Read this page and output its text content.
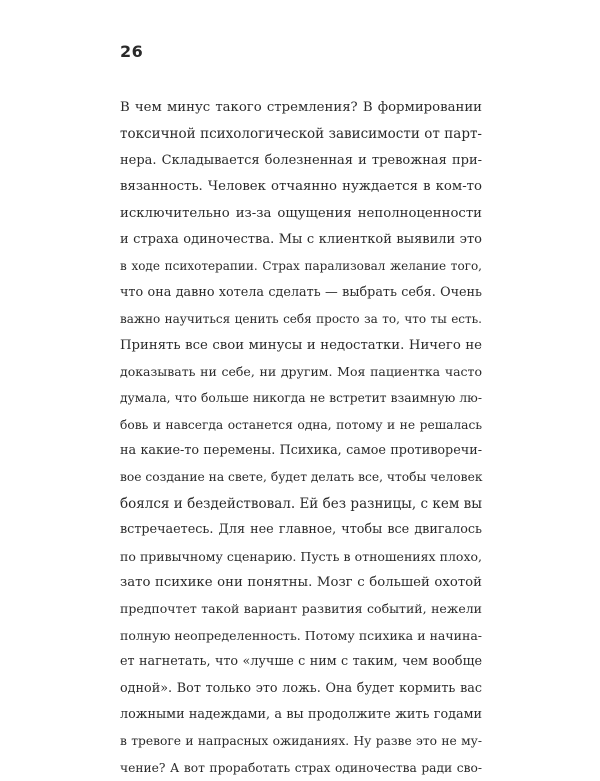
26
В чем минус такого стремления? В формировании
токсичной психологической зависимости от парт-
нера. Складывается болезненная и тревожная при-
вязанность. Человек отчаянно нуждается в ком-то
исключительно из-за ощущения неполноценности
и страха одиночества. Мы с клиенткой выявили это
в ходе психотерапии. Страх парализовал желание того,
что она давно хотела сделать — выбрать себя. Очень
важно научиться ценить себя просто за то, что ты есть.
Принять все свои минусы и недостатки. Ничего не
доказывать ни себе, ни другим. Моя пациентка часто
думала, что больше никогда не встретит взаимную лю-
бовь и навсегда останется одна, потому и не решалась
на какие-то перемены. Психика, самое противоречи-
вое создание на свете, будет делать все, чтобы человек
боялся и бездействовал. Ей без разницы, с кем вы
встречаетесь. Для нее главное, чтобы все двигалось
по привычному сценарию. Пусть в отношениях плохо,
зато психике они понятны. Мозг с большей охотой
предпочтет такой вариант развития событий, нежели
полную неопределенность. Потому психика и начина-
ет нагнетать, что «лучше с ним с таким, чем вообще
одной». Вот только это ложь. Она будет кормить вас
ложными надеждами, а вы продолжите жить годами
в тревоге и напрасных ожиданиях. Ну разве это не му-
чение? А вот проработать страх одиночества ради сво-
